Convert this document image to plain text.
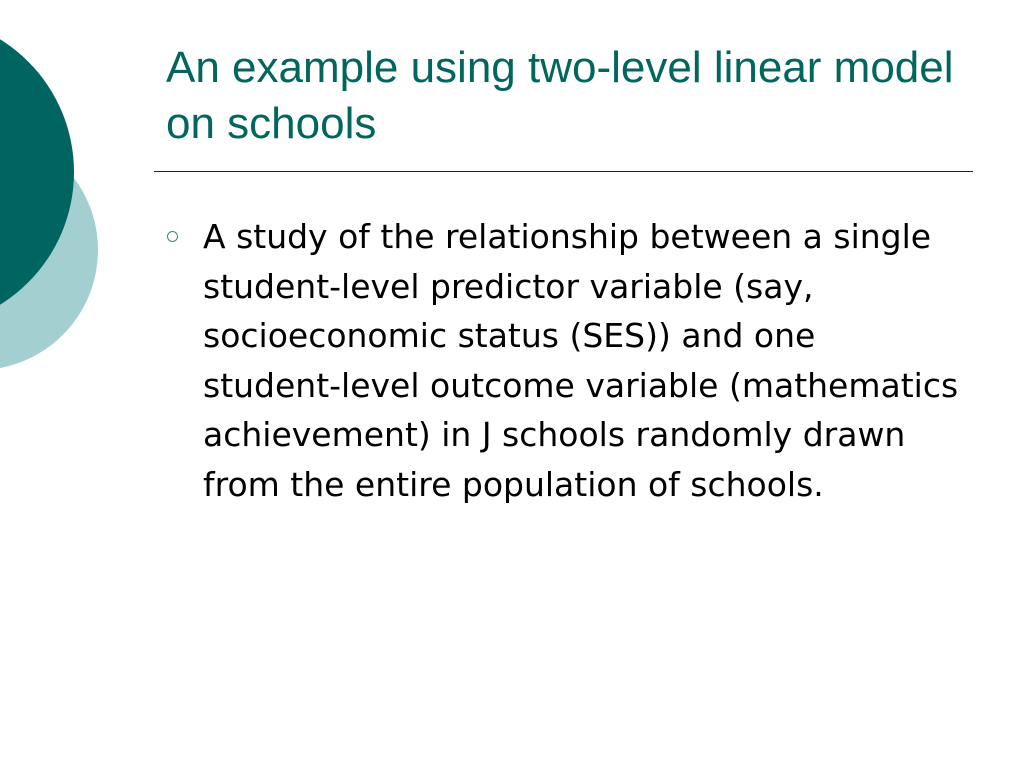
An example using two-level linear model on schools
A study of the relationship between a single student-level predictor variable (say, socioeconomic status (SES)) and one student-level outcome variable (mathematics achievement) in J schools randomly drawn from the entire population of schools.
